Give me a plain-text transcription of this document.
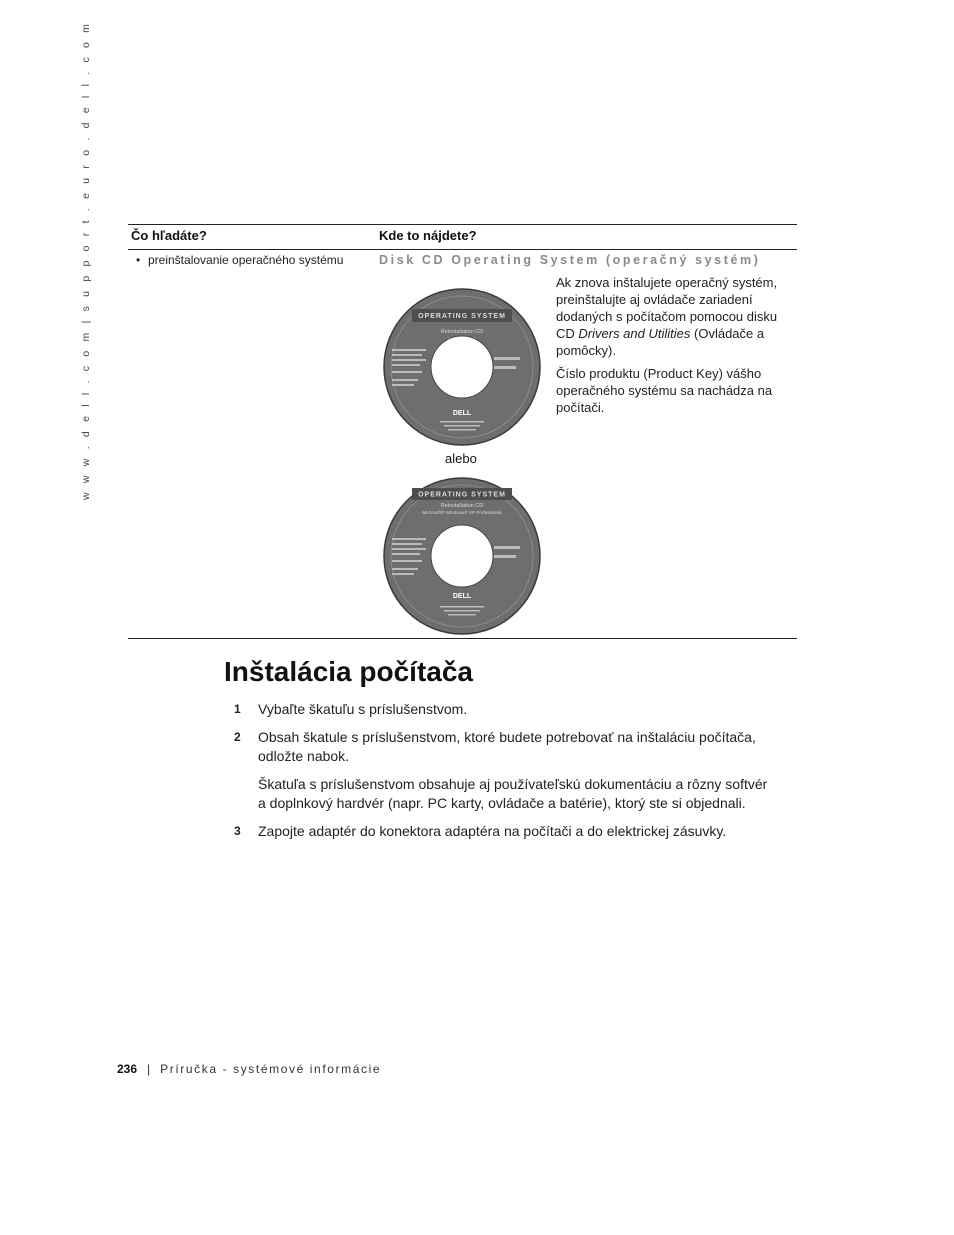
w w w . d e l l . c o m | s u p p o r t . e u r o . d e l l . c o m	Čo hľadáte?	Kde to nájdete?
• preinštalovanie operačného systému	Disk CD Operating System (operačný systém)

Ak znova inštalujete operačný systém, preinštalujte aj ovládače zariadení dodaných s počítačom pomocou disku CD Drivers and Utilities (Ovládače a pomôcky).

Číslo produktu (Product Key) vášho operačného systému sa nachádza na počítači.

OPERATING SYSTEM
Reinstallation CD
DELL
alebo
OPERATING SYSTEM
Reinstallation CD
Microsoft® Windows® XP Professional
DELL
Inštalácia počítača
1 Vybaľte škatuľu s príslušenstvom.
2 Obsah škatule s príslušenstvom, ktoré budete potrebovať na inštaláciu počítača, odložte nabok.
Škatuľa s príslušenstvom obsahuje aj používateľskú dokumentáciu a rôzny softvér a doplnkový hardvér (napr. PC karty, ovládače a batérie), ktorý ste si objednali.
3 Zapojte adaptér do konektora adaptéra na počítači a do elektrickej zásuvky.
236 | Príručka - systémové informácie
